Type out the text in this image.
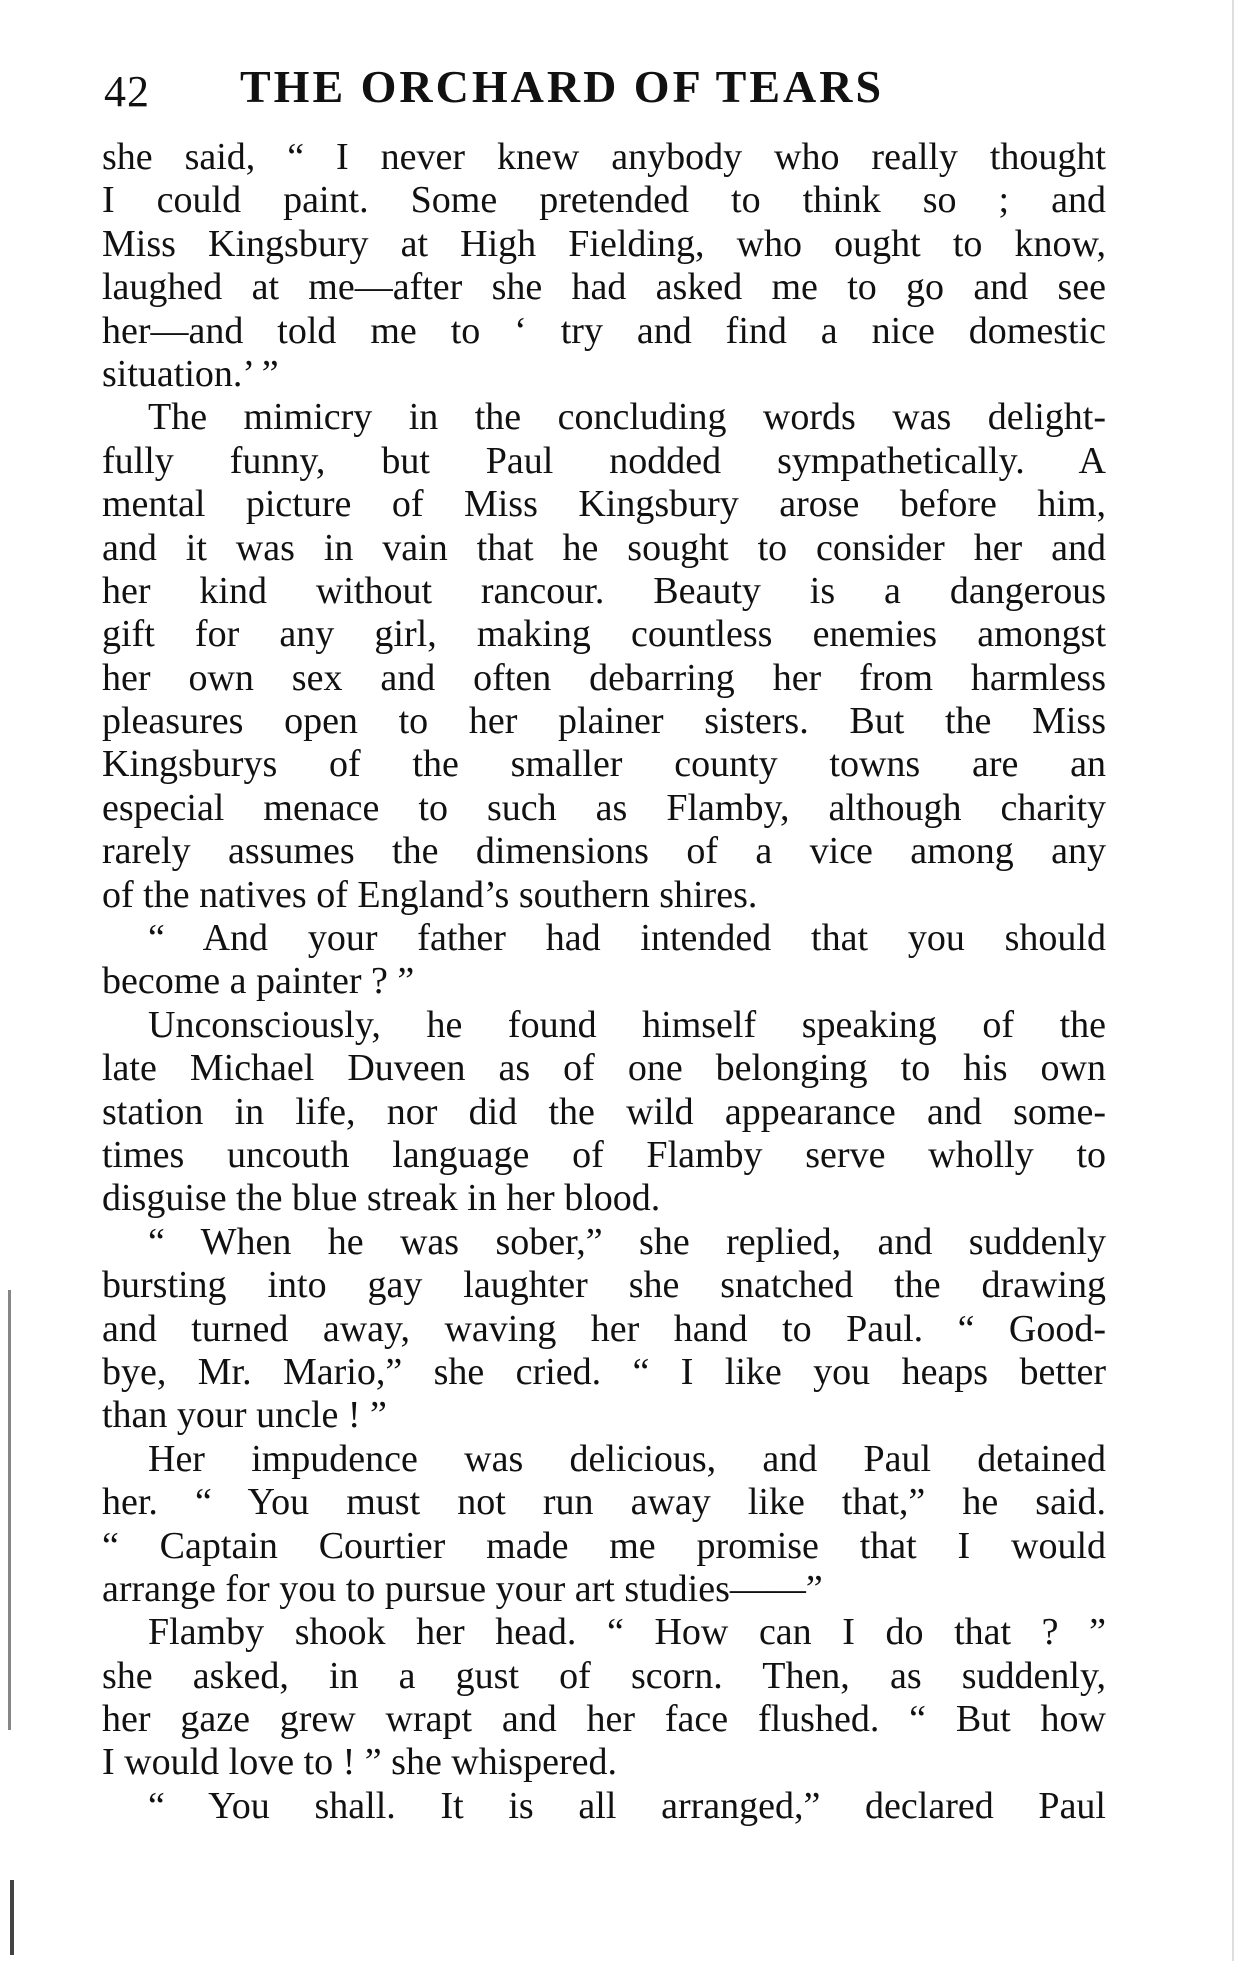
42 THE ORCHARD OF TEARS
she said, “ I never knew anybody who really thought
I could paint. Some pretended to think so ; and
Miss Kingsbury at High Fielding, who ought to know,
laughed at me—after she had asked me to go and see
her—and told me to ‘ try and find a nice domestic
situation.’ ”
The mimicry in the concluding words was delight-
fully funny, but Paul nodded sympathetically. A
mental picture of Miss Kingsbury arose before him,
and it was in vain that he sought to consider her and
her kind without rancour. Beauty is a dangerous
gift for any girl, making countless enemies amongst
her own sex and often debarring her from harmless
pleasures open to her plainer sisters. But the Miss
Kingsburys of the smaller county towns are an
especial menace to such as Flamby, although charity
rarely assumes the dimensions of a vice among any
of the natives of England’s southern shires.
“ And your father had intended that you should
become a painter ? ”
Unconsciously, he found himself speaking of the
late Michael Duveen as of one belonging to his own
station in life, nor did the wild appearance and some-
times uncouth language of Flamby serve wholly to
disguise the blue streak in her blood.
“ When he was sober,” she replied, and suddenly
bursting into gay laughter she snatched the drawing
and turned away, waving her hand to Paul. “ Good-
bye, Mr. Mario,” she cried. “ I like you heaps better
than your uncle ! ”
Her impudence was delicious, and Paul detained
her. “ You must not run away like that,” he said.
“ Captain Courtier made me promise that I would
arrange for you to pursue your art studies——”
Flamby shook her head. “ How can I do that ? ”
she asked, in a gust of scorn. Then, as suddenly,
her gaze grew wrapt and her face flushed. “ But how
I would love to ! ” she whispered.
“ You shall. It is all arranged,” declared Paul
